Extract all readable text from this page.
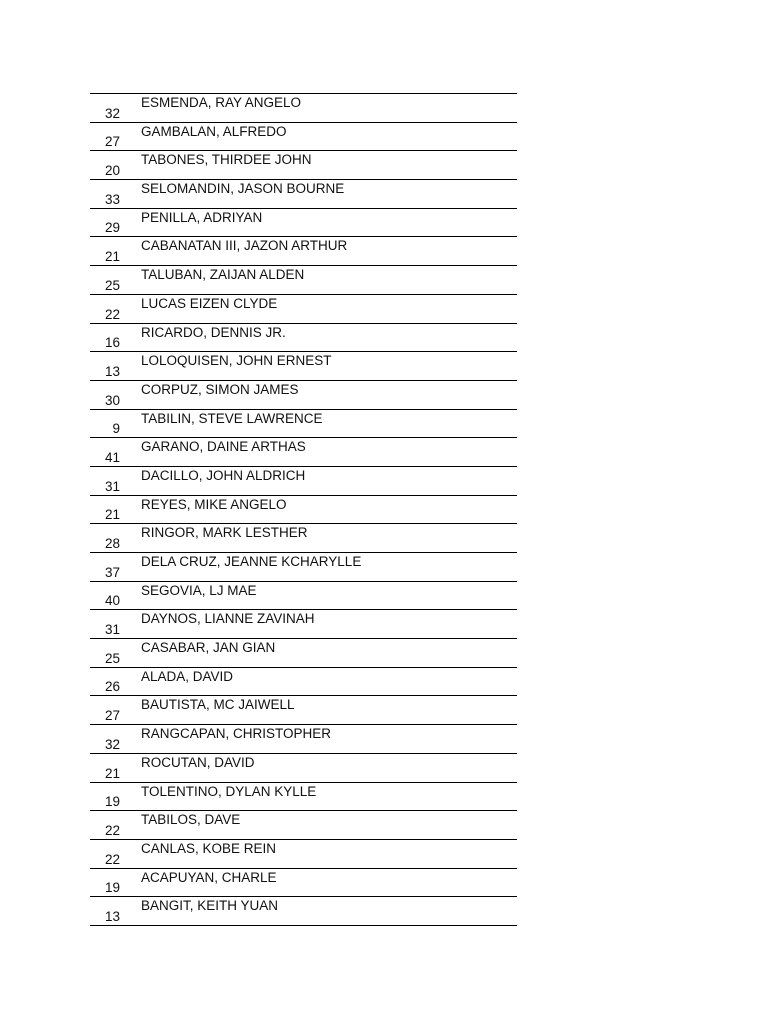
ESMENDA, RAY ANGELO
32
GAMBALAN, ALFREDO
27
TABONES, THIRDEE JOHN
20
SELOMANDIN, JASON BOURNE
33
PENILLA, ADRIYAN
29
CABANATAN III, JAZON ARTHUR
21
TALUBAN, ZAIJAN ALDEN
25
LUCAS EIZEN CLYDE
22
RICARDO, DENNIS JR.
16
LOLOQUISEN, JOHN ERNEST
13
CORPUZ, SIMON JAMES
30
TABILIN, STEVE LAWRENCE
9
GARANO, DAINE ARTHAS
41
DACILLO, JOHN ALDRICH
31
REYES, MIKE ANGELO
21
RINGOR, MARK LESTHER
28
DELA CRUZ, JEANNE KCHARYLLE
37
SEGOVIA, LJ MAE
40
DAYNOS, LIANNE ZAVINAH
31
CASABAR, JAN GIAN
25
ALADA, DAVID
26
BAUTISTA, MC JAIWELL
27
RANGCAPAN, CHRISTOPHER
32
ROCUTAN, DAVID
21
TOLENTINO, DYLAN KYLLE
19
TABILOS, DAVE
22
CANLAS, KOBE REIN
22
ACAPUYAN, CHARLE
19
BANGIT, KEITH YUAN
13
